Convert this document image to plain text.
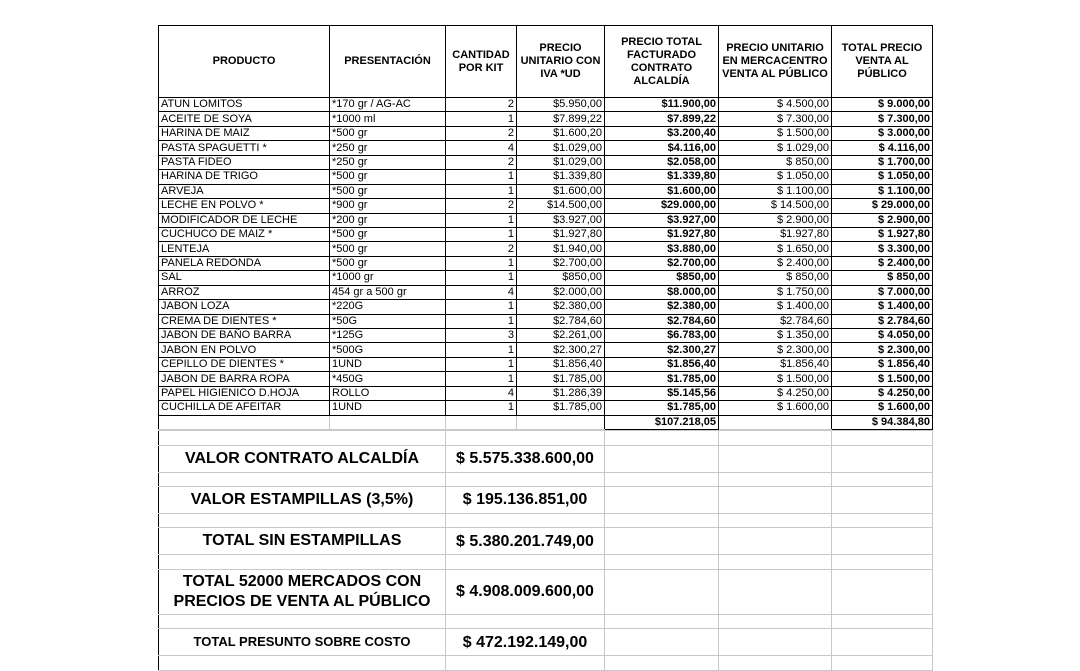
PRODUCTO	PRESENTACIÓN	CANTIDAD POR KIT	PRECIO UNITARIO CON IVA *UD	PRECIO TOTAL FACTURADO CONTRATO ALCALDÍA	PRECIO UNITARIO EN MERCACENTRO VENTA AL PÚBLICO	TOTAL PRECIO VENTA AL PÚBLICO
ATUN LOMITOS	*170 gr / AG-AC	2	$5.950,00	$11.900,00	$ 4.500,00	$ 9.000,00
ACEITE DE SOYA	*1000 ml	1	$7.899,22	$7.899,22	$ 7.300,00	$ 7.300,00
HARINA DE MAIZ	*500 gr	2	$1.600,20	$3.200,40	$ 1.500,00	$ 3.000,00
PASTA SPAGUETTI *	*250 gr	4	$1.029,00	$4.116,00	$ 1.029,00	$ 4.116,00
PASTA FIDEO	*250 gr	2	$1.029,00	$2.058,00	$ 850,00	$ 1.700,00
HARINA DE TRIGO	*500 gr	1	$1.339,80	$1.339,80	$ 1.050,00	$ 1.050,00
ARVEJA	*500 gr	1	$1.600,00	$1.600,00	$ 1.100,00	$ 1.100,00
LECHE EN POLVO *	*900 gr	2	$14.500,00	$29.000,00	$ 14.500,00	$ 29.000,00
MODIFICADOR DE LECHE	*200 gr	1	$3.927,00	$3.927,00	$ 2.900,00	$ 2.900,00
CUCHUCO DE MAIZ *	*500 gr	1	$1.927,80	$1.927,80	$1.927,80	$ 1.927,80
LENTEJA	*500 gr	2	$1.940,00	$3.880,00	$ 1.650,00	$ 3.300,00
PANELA REDONDA	*500 gr	1	$2.700,00	$2.700,00	$ 2.400,00	$ 2.400,00
SAL	*1000 gr	1	$850,00	$850,00	$ 850,00	$ 850,00
ARROZ	454 gr a 500 gr	4	$2.000,00	$8.000,00	$ 1.750,00	$ 7.000,00
JABON LOZA	*220G	1	$2.380,00	$2.380,00	$ 1.400,00	$ 1.400,00
CREMA DE DIENTES *	*50G	1	$2.784,60	$2.784,60	$2.784,60	$ 2.784,60
JABON DE BAÑO BARRA	*125G	3	$2.261,00	$6.783,00	$ 1.350,00	$ 4.050,00
JABON EN POLVO	*500G	1	$2.300,27	$2.300,27	$ 2.300,00	$ 2.300,00
CEPILLO DE DIENTES *	1UND	1	$1.856,40	$1.856,40	$1.856,40	$ 1.856,40
JABON DE BARRA ROPA	*450G	1	$1.785,00	$1.785,00	$ 1.500,00	$ 1.500,00
PAPEL HIGIENICO D.HOJA	ROLLO	4	$1.286,39	$5.145,56	$ 4.250,00	$ 4.250,00
CUCHILLA DE AFEITAR	1UND	1	$1.785,00	$1.785,00	$ 1.600,00	$ 1.600,00
				$107.218,05		$ 94.384,80

VALOR CONTRATO ALCALDÍA	$ 5.575.338.600,00			

VALOR ESTAMPILLAS (3,5%)	$ 195.136.851,00			

TOTAL SIN ESTAMPILLAS	$ 5.380.201.749,00			

TOTAL 52000 MERCADOS CON PRECIOS DE VENTA AL PÚBLICO	$ 4.908.009.600,00			

TOTAL PRESUNTO SOBRE COSTO	$ 472.192.149,00			
